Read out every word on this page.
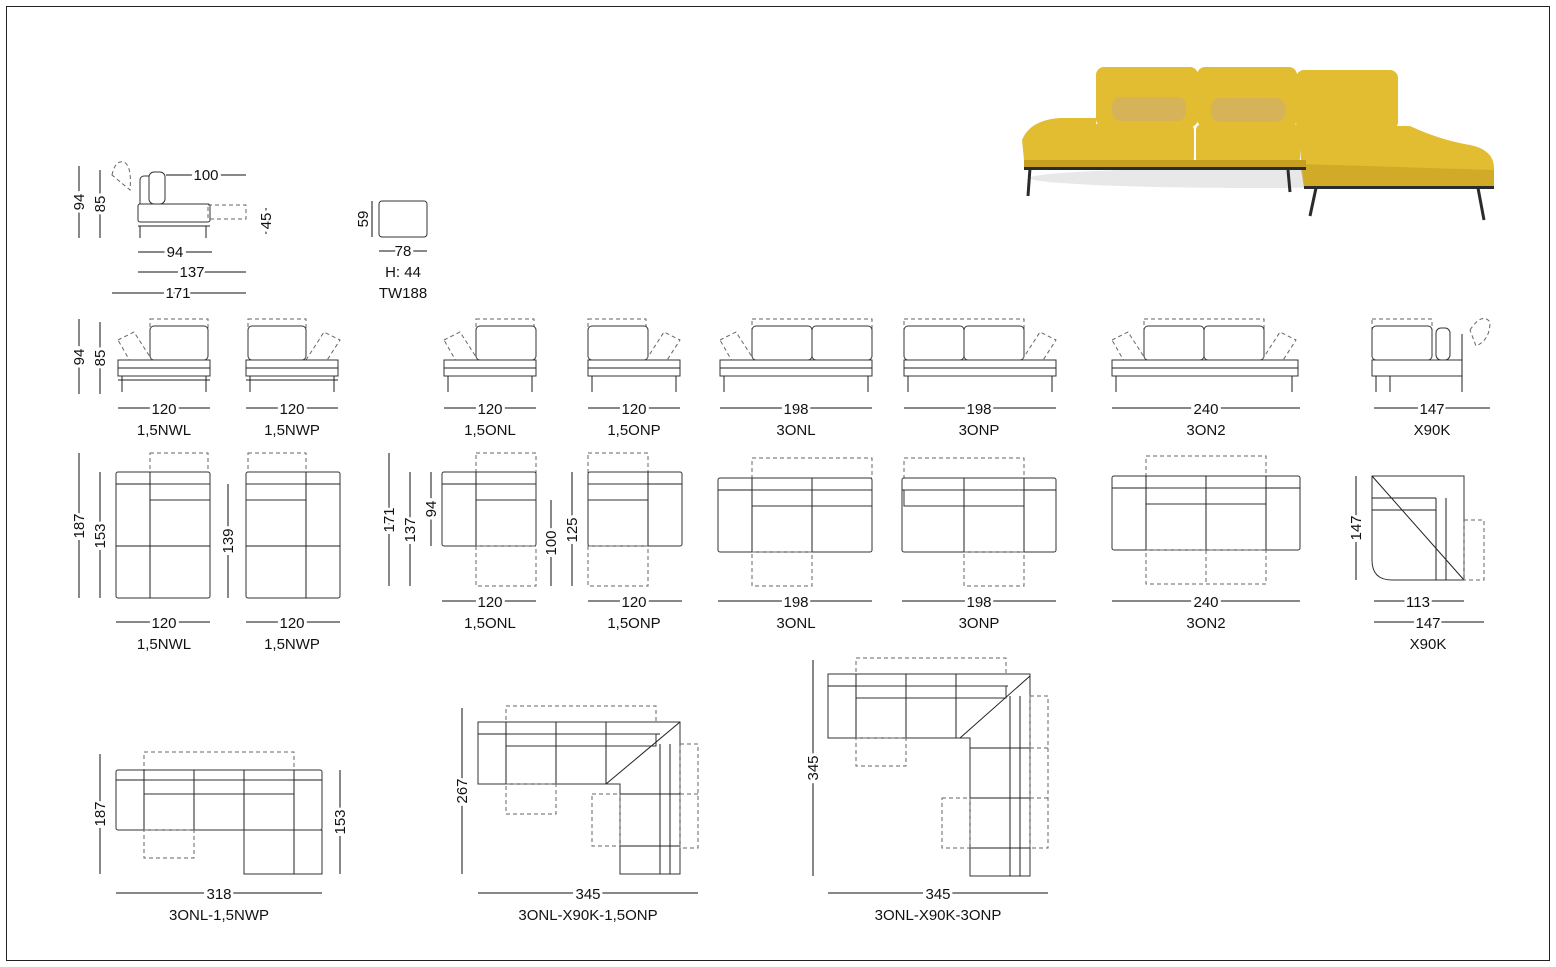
94 85
100
45
94
137
171
59
78
H: 44
TW188
94 85
120
1,5NWL
120
1,5NWP
120
1,5ONL
120
1,5ONP
198
3ONL
198
3ONP
240
3ON2
147
X90K
187 153	139
171 137
94
100
125	147
120
1,5NWL
120
1,5NWP
120
1,5ONL
120
1,5ONP
198
3ONL
198
3ONP
240
3ON2
113
147
X90K
187	153
318
3ONL-1,5NWP
267
345
3ONL-X90K-1,5ONP
345
345
3ONL-X90K-3ONP
